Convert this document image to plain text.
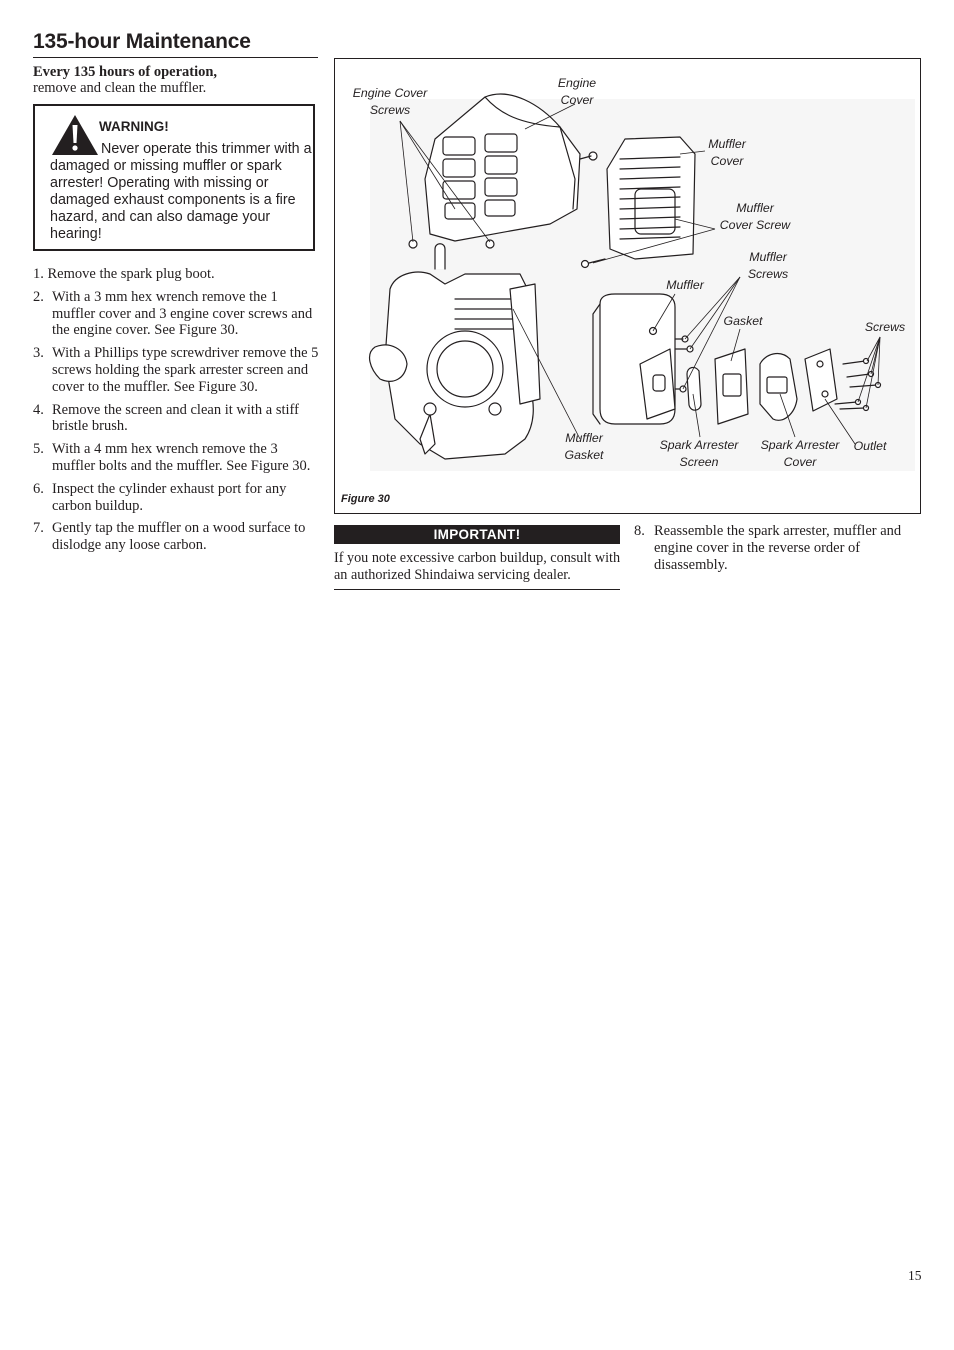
135-hour Maintenance
Every 135 hours of operation,
remove and clean the muffler.
WARNING!
Never operate this trimmer with a damaged or missing muffler or spark arrester! Operating with missing or damaged exhaust components is a fire hazard, and can also damage your hearing!
1. Remove the spark plug boot.
2. With a 3 mm hex wrench remove the 1 muffler cover and 3 engine cover screws and the engine cover. See Figure 30.
3. With a Phillips type screwdriver remove the 5 screws holding the spark arrester screen and cover to the muffler. See Figure 30.
4. Remove the screen and clean it with a stiff bristle brush.
5. With a 4 mm hex wrench remove the 3 muffler bolts and the muffler. See Figure 30.
6. Inspect the cylinder exhaust port for any carbon buildup.
7. Gently tap the muffler on a wood surface to dislodge any loose carbon.
Engine Cover
Screws
Engine
Cover
Muffler
Cover
Muffler
Cover Screw
Muffler
Screws
Muffler
Gasket	Screws
Muffler
Gasket
Spark Arrester
Screen
Spark Arrester
Cover
Outlet
Figure 30
IMPORTANT!
If you note excessive carbon buildup, consult with an authorized Shindaiwa servicing dealer.
8. Reassemble the spark arrester, muffler and engine cover in the reverse order of disassembly.
15
